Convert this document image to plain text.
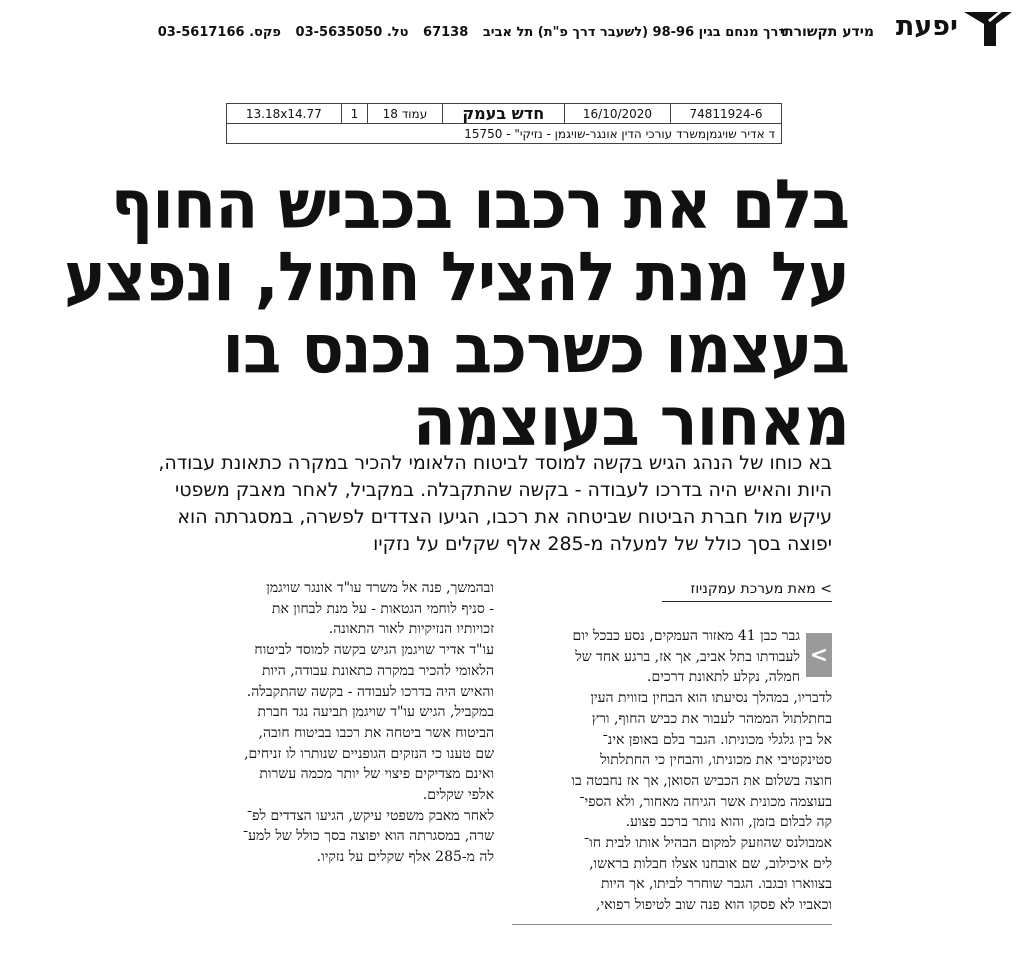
יפעת
מידע תקשורתי
דרך מנחם בגין 98-96 (לשעבר דרך פ"ת) תל אביב 67138 טל. 03-5635050 פקס. 03-5617166
74811924-6	16/10/2020	חדש בעמק	עמוד 18	1	13.18x14.77
ד אדיר שויגמןמשרד עורכי הדין אונגר-שויגמן - נזיקי" - 15750
בלם את רכבו בכביש החוף
על מנת להציל חתול, ונפצע
בעצמו כשרכב נכנס בו
מאחור בעוצמה
בא כוחו של הנהג הגיש בקשה למוסד לביטוח הלאומי להכיר במקרה כתאונת עבודה,
היות והאיש היה בדרכו לעבודה - בקשה שהתקבלה. במקביל, לאחר מאבק משפטי
עיקש מול חברת הביטוח שביטחה את רכבו, הגיעו הצדדים לפשרה, במסגרתה הוא
יפוצה בסך כולל של למעלה מ-285 אלף שקלים על נזקיו
> מאת מערכת עמקניוז
>
גבר כבן 41 מאזור העמקים, נסע כבכל יום
לעבודתו בתל אביב, אך אז, ברגע אחד של
חמלה, נקלע לתאונת דרכים.
לדבריו, במהלך נסיעתו הוא הבחין בזווית העין
בחתלתול הממהר לעבור את כביש החוף, ורץ
אל בין גלגלי מכוניתו. הגבר בלם באופן אינ־
סטינקטיבי את מכוניתו, והבחין כי החתלתול
חוצה בשלום את הכביש הסואן, אך אז נחבטה בו
בעוצמה מכונית אשר הגיחה מאחור, ולא הספי־
קה לבלום בזמן, והוא נותר ברכב פצוע.
אמבולנס שהוזעק למקום הבהיל אותו לבית חו־
לים איכילוב, שם אובחנו אצלו חבלות בראשו,
בצווארו ובגבו. הגבר שוחרר לביתו, אך היות
וכאביו לא פסקו הוא פנה שוב לטיפול רפואי,
ובהמשך, פנה אל משרד עו"ד אונגר שויגמן
- סניף לוחמי הגטאות - על מנת לבחון את
זכויותיו הנזיקיות לאור התאונה.
עו"ד אדיר שויגמן הגיש בקשה למוסד לביטוח
הלאומי להכיר במקרה כתאונת עבודה, היות
והאיש היה בדרכו לעבודה - בקשה שהתקבלה.
במקביל, הגיש עו"ד שויגמן תביעה נגד חברת
הביטוח אשר ביטחה את רכבו בביטוח חובה,
שם טענו כי הנזקים הגופניים שנותרו לו זניחים,
ואינם מצדיקים פיצוי של יותר מכמה עשרות
אלפי שקלים.
לאחר מאבק משפטי עיקש, הגיעו הצדדים לפ־
שרה, במסגרתה הוא יפוצה בסך כולל של למע־
לה מ-285 אלף שקלים על נזקיו.
